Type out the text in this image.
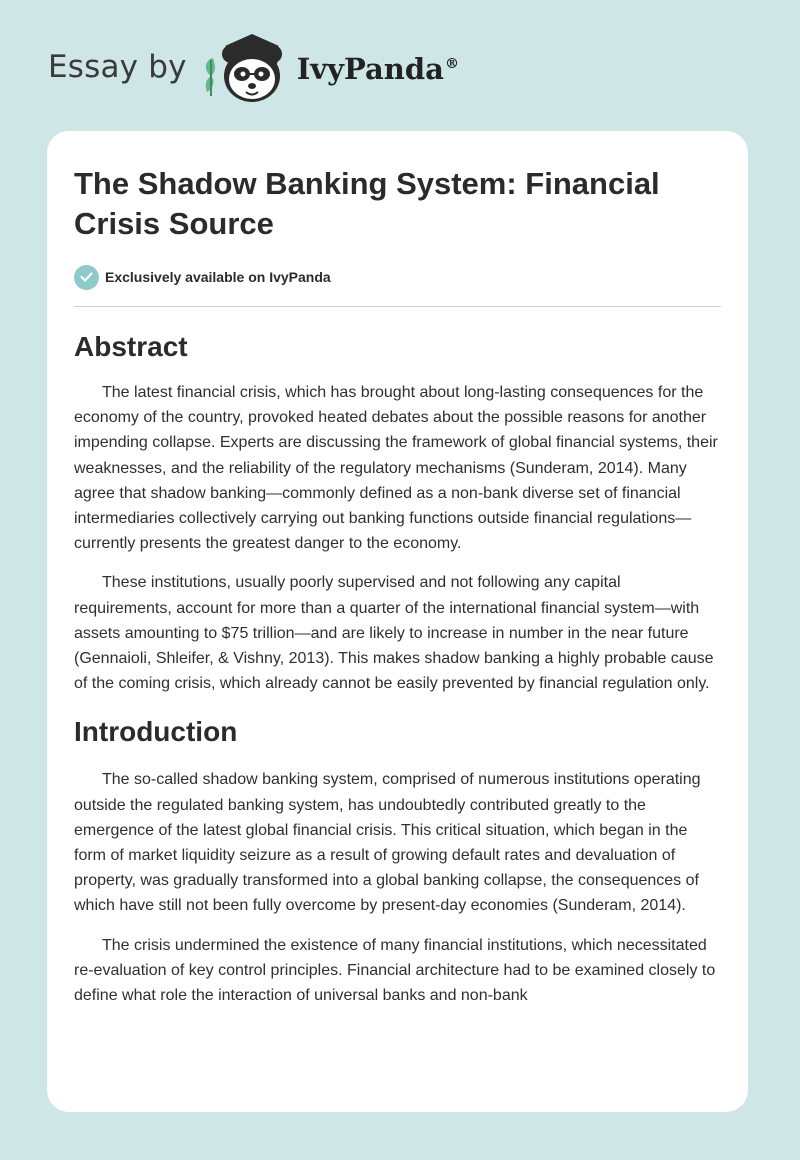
Essay by	IvyPanda®
The Shadow Banking System: Financial Crisis Source
Exclusively available on IvyPanda
Abstract

The latest financial crisis, which has brought about long-lasting consequences for the economy of the country, provoked heated debates about the possible reasons for another impending collapse. Experts are discussing the framework of global financial systems, their weaknesses, and the reliability of the regulatory mechanisms (Sunderam, 2014). Many agree that shadow banking—commonly defined as a non-bank diverse set of financial intermediaries collectively carrying out banking functions outside financial regulations—currently presents the greatest danger to the economy.

These institutions, usually poorly supervised and not following any capital requirements, account for more than a quarter of the international financial system—with assets amounting to $75 trillion—and are likely to increase in number in the near future (Gennaioli, Shleifer, & Vishny, 2013). This makes shadow banking a highly probable cause of the coming crisis, which already cannot be easily prevented by financial regulation only.

Introduction

The so-called shadow banking system, comprised of numerous institutions operating outside the regulated banking system, has undoubtedly contributed greatly to the emergence of the latest global financial crisis. This critical situation, which began in the form of market liquidity seizure as a result of growing default rates and devaluation of property, was gradually transformed into a global banking collapse, the consequences of which have still not been fully overcome by present-day economies (Sunderam, 2014).

The crisis undermined the existence of many financial institutions, which necessitated re-evaluation of key control principles. Financial architecture had to be examined closely to define what role the interaction of universal banks and non-bank
